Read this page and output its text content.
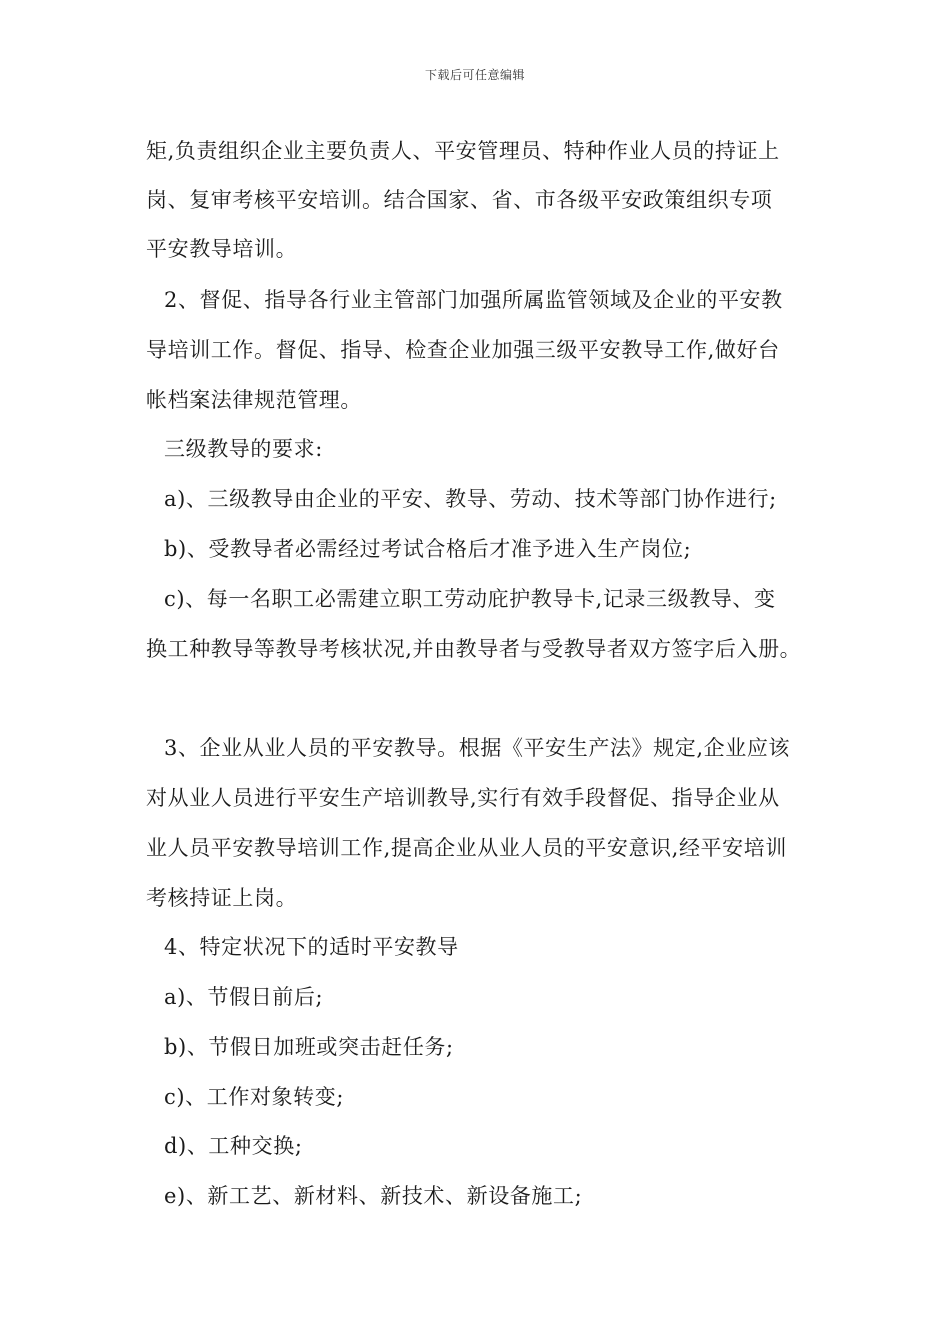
下载后可任意编辑
矩,负责组织企业主要负责人、平安管理员、特种作业人员的持证上
岗、复审考核平安培训。结合国家、省、市各级平安政策组织专项
平安教导培训。
2、督促、指导各行业主管部门加强所属监管领域及企业的平安教
导培训工作。督促、指导、检查企业加强三级平安教导工作,做好台
帐档案法律规范管理。
三级教导的要求:
a)、三级教导由企业的平安、教导、劳动、技术等部门协作进行;
b)、受教导者必需经过考试合格后才准予进入生产岗位;
c)、每一名职工必需建立职工劳动庇护教导卡,记录三级教导、变
换工种教导等教导考核状况,并由教导者与受教导者双方签字后入册。
3、企业从业人员的平安教导。根据《平安生产法》规定,企业应该
对从业人员进行平安生产培训教导,实行有效手段督促、指导企业从
业人员平安教导培训工作,提高企业从业人员的平安意识,经平安培训
考核持证上岗。
4、特定状况下的适时平安教导
a)、节假日前后;
b)、节假日加班或突击赶任务;
c)、工作对象转变;
d)、工种交换;
e)、新工艺、新材料、新技术、新设备施工;
